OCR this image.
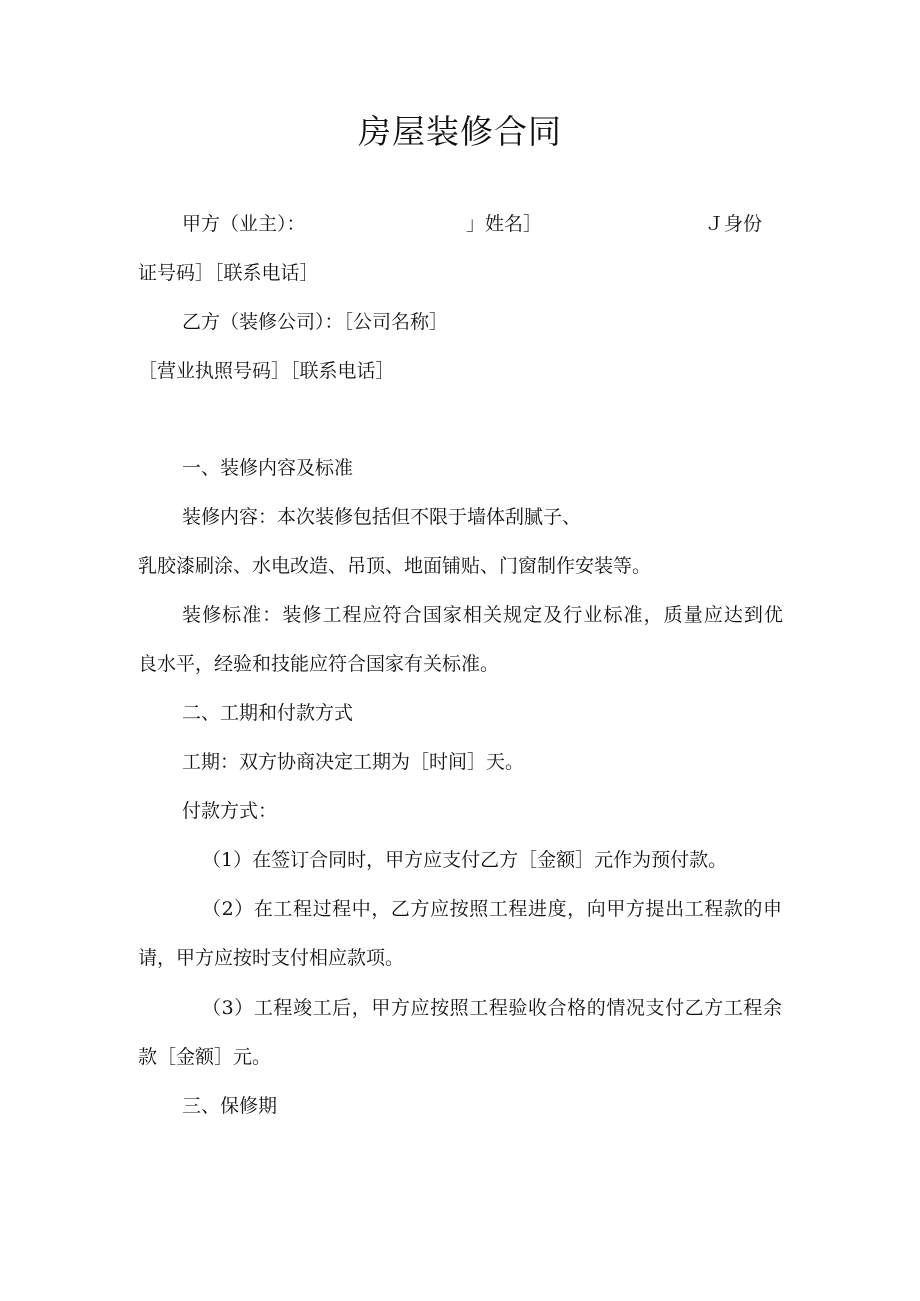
房屋装修合同
甲方（业主）：	」姓名］	Ｊ身份
证号码］［联系电话］
乙方（装修公司）：［公司名称］
［营业执照号码］［联系电话］
一、装修内容及标准
装修内容：本次装修包括但不限于墙体刮腻子、
乳胶漆刷涂、水电改造、吊顶、地面铺贴、门窗制作安装等。
装修标准：装修工程应符合国家相关规定及行业标准，质量应达到优
良水平，经验和技能应符合国家有关标准。
二、工期和付款方式
工期：双方协商决定工期为［时间］天。
付款方式：
（1）在签订合同时，甲方应支付乙方［金额］元作为预付款。
（2）在工程过程中，乙方应按照工程进度，向甲方提出工程款的申
请，甲方应按时支付相应款项。
（3）工程竣工后，甲方应按照工程验收合格的情况支付乙方工程余
款［金额］元。
三、保修期
